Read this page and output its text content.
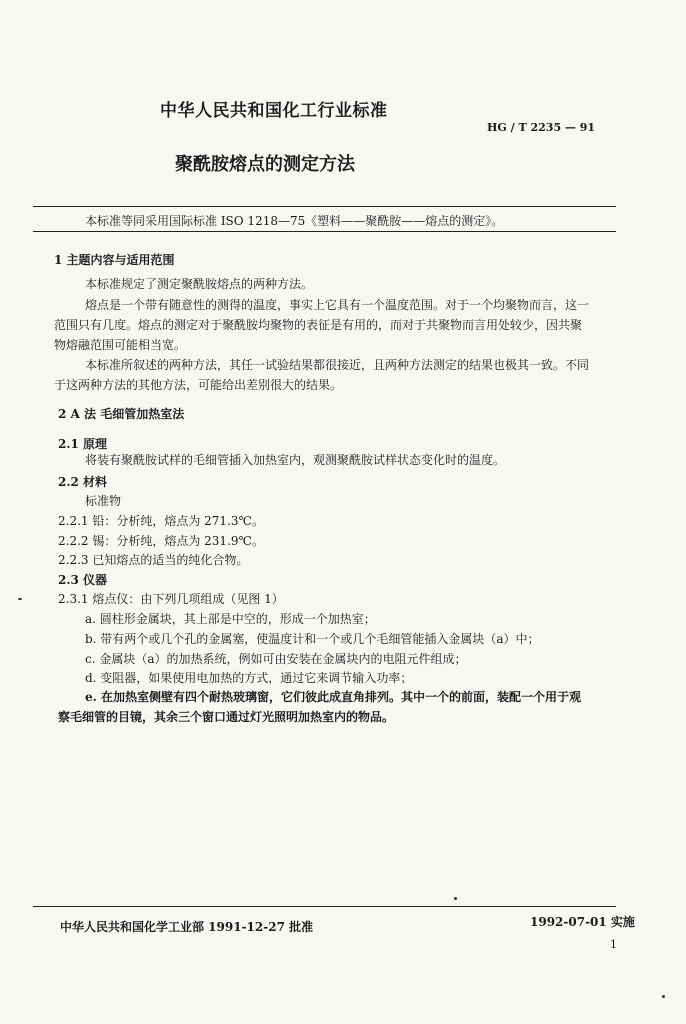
中华人民共和国化工行业标准
HG / T 2235 — 91
聚酰胺熔点的测定方法
本标准等同采用国际标准 ISO 1218—75《塑料——聚酰胺——熔点的测定》。
1 主题内容与适用范围
本标准规定了测定聚酰胺熔点的两种方法。
熔点是一个带有随意性的测得的温度，事实上它具有一个温度范围。对于一个均聚物而言，这一
范围只有几度。熔点的测定对于聚酰胺均聚物的表征是有用的，而对于共聚物而言用处较少，因共聚
物熔融范围可能相当宽。
本标准所叙述的两种方法，其任一试验结果都很接近，且两种方法测定的结果也极其一致。不同
于这两种方法的其他方法，可能给出差别很大的结果。
2 A 法 毛细管加热室法
2.1 原理
将装有聚酰胺试样的毛细管插入加热室内，观测聚酰胺试样状态变化时的温度。
2.2 材料
标准物
2.2.1 铅：分析纯，熔点为 271.3℃。
2.2.2 锡：分析纯，熔点为 231.9℃。
2.2.3 已知熔点的适当的纯化合物。
2.3 仪器
2.3.1 熔点仪：由下列几项组成（见图 1）
a. 圆柱形金属块，其上部是中空的，形成一个加热室；
b. 带有两个或几个孔的金属塞，使温度计和一个或几个毛细管能插入金属块（a）中；
c. 金属块（a）的加热系统，例如可由安装在金属块内的电阻元件组成；
d. 变阻器，如果使用电加热的方式，通过它来调节输入功率；
e. 在加热室侧壁有四个耐热玻璃窗，它们彼此成直角排列。其中一个的前面，装配一个用于观
察毛细管的目镜，其余三个窗口通过灯光照明加热室内的物品。
中华人民共和国化学工业部 1991-12-27 批准	1992-07-01 实施
1
